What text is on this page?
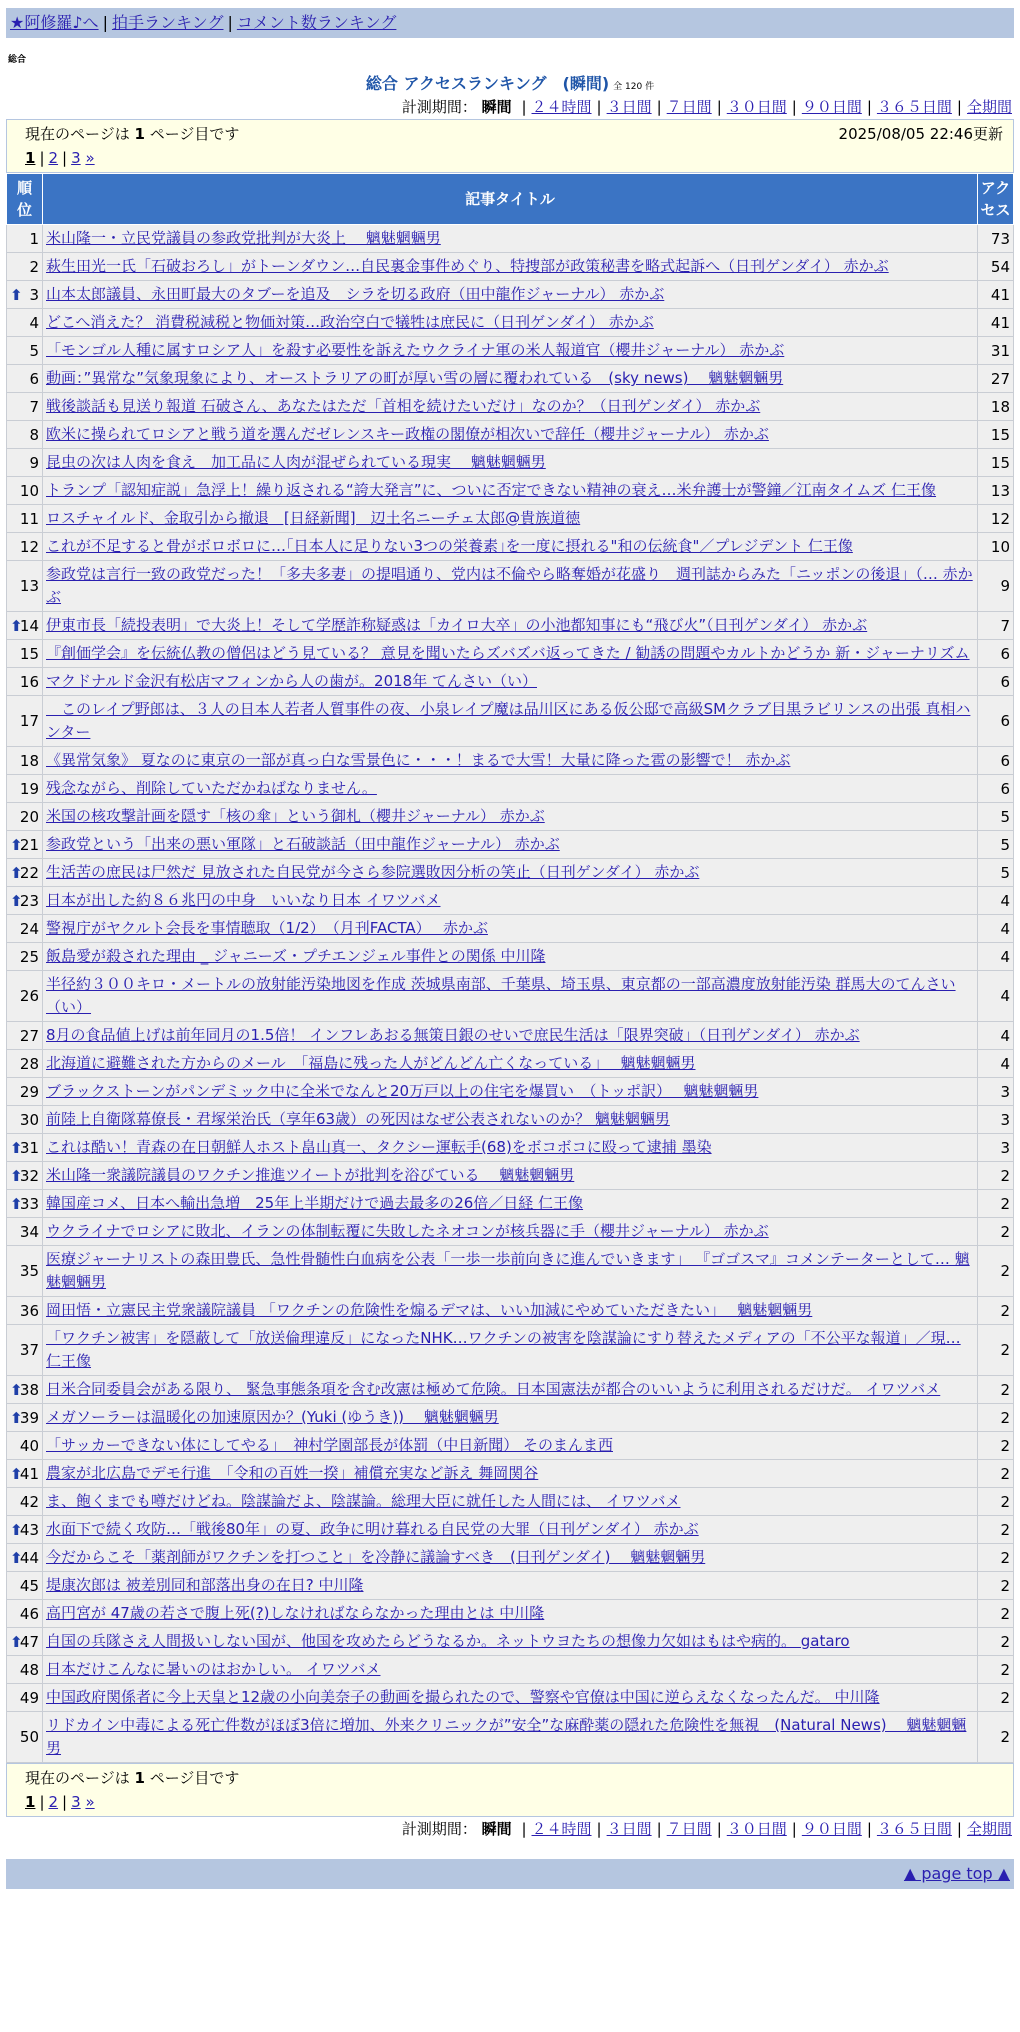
★阿修羅♪へ | 拍手ランキング | コメント数ランキング
総合
総合 アクセスランキング　(瞬間) 全 120 件
計測期間： 瞬間 | ２４時間 | ３日間 | ７日間 | ３０日間 | ９０日間 | ３６５日間 | 全期間
現在のページは 1 ページ目です	2025/08/05 22:46更新
1 | 2 | 3 »
順位	記事タイトル	アクセス
1	米山隆一・立民党議員の参政党批判が大炎上　 魑魅魍魎男	73
2	萩生田光一氏「石破おろし」がトーンダウン…自民裏金事件めぐり、特捜部が政策秘書を略式起訴へ（日刊ゲンダイ） 赤かぶ	54

⬆ 3	山本太郎議員、永田町最大のタブーを追及　シラを切る政府（田中龍作ジャーナル） 赤かぶ	41
4	どこへ消えた？ 消費税減税と物価対策…政治空白で犠牲は庶民に（日刊ゲンダイ） 赤かぶ	41
5	「モンゴル人種に属すロシア人」を殺す必要性を訴えたウクライナ軍の米人報道官（櫻井ジャーナル） 赤かぶ	31
6	動画：”異常な”気象現象により、オーストラリアの町が厚い雪の層に覆われている　(sky news)　 魑魅魍魎男	27
7	戦後談話も見送り報道 石破さん、あなたはただ「首相を続けたいだけ」なのか？（日刊ゲンダイ） 赤かぶ	18
8	欧米に操られてロシアと戦う道を選んだゼレンスキー政権の閣僚が相次いで辞任（櫻井ジャーナル） 赤かぶ	15
9	昆虫の次は人肉を食え　加工品に人肉が混ぜられている現実　 魑魅魍魎男	15
10	トランプ「認知症説」急浮上！繰り返される“誇大発言”に、ついに否定できない精神の衰え…米弁護士が警鐘／江南タイムズ 仁王像	13
11	ロスチャイルド、金取引から撤退　[日経新聞]　辺土名ニーチェ太郎@貴族道徳	12
12	これが不足すると骨がボロボロに…｢日本人に足りない3つの栄養素｣を一度に摂れる"和の伝統食"／プレジデント 仁王像	10
13	参政党は言行一致の政党だった！「多夫多妻」の提唱通り、党内は不倫やら略奪婚が花盛り　週刊誌からみた「ニッポンの後退」（… 赤かぶ	9

⬆
14	伊東市長「続投表明」で大炎上！そして学歴詐称疑惑は「カイロ大卒」の小池都知事にも“飛び火”（日刊ゲンダイ） 赤かぶ	7
15	『創価学会』を伝統仏教の僧侶はどう見ている？ 意見を聞いたらズバズバ返ってきた / 勧誘の問題やカルトかどうか 新・ジャーナリズム	6
16	マクドナルド金沢有松店マフィンから人の歯が。2018年 てんさい（い）	6
17	　このレイプ野郎は、３人の日本人若者人質事件の夜、小泉レイプ魔は品川区にある仮公邸で高級SMクラブ目黒ラビリンスの出張 真相ハンター	6
18	《異常気象》 夏なのに東京の一部が真っ白な雪景色に・・・！まるで大雪！大量に降った雹の影響で！ 赤かぶ	6
19	残念ながら、削除していただかねばなりません。	6
20	米国の核攻撃計画を隠す「核の傘」という御札（櫻井ジャーナル） 赤かぶ	5

⬆
21	参政党という「出来の悪い軍隊」と石破談話（田中龍作ジャーナル） 赤かぶ	5

⬆
22	生活苦の庶民は尸然だ 見放された自民党が今さら参院選敗因分析の笑止（日刊ゲンダイ） 赤かぶ	5

⬆
23	日本が出した約８６兆円の中身　いいなり日本 イワツバメ	4
24	警視庁がヤクルト会長を事情聴取（1/2）　（月刊FACTA）　 赤かぶ	4
25	飯島愛が殺された理由 _ ジャニーズ・プチエンジェル事件との関係 中川隆	4
26	半径約３００キロ・メートルの放射能汚染地図を作成 茨城県南部、千葉県、埼玉県、東京都の一部高濃度放射能汚染 群馬大のてんさい（い）	4
27	8月の食品値上げは前年同月の1.5倍！ インフレあおる無策日銀のせいで庶民生活は「限界突破」（日刊ゲンダイ） 赤かぶ	4
28	北海道に避難された方からのメール　「福島に残った人がどんどん亡くなっている」　 魑魅魍魎男	4
29	ブラックストーンがパンデミック中に全米でなんと20万戸以上の住宅を爆買い　（トッポ訳）　 魑魅魍魎男	3
30	前陸上自衛隊幕僚長・君塚栄治氏（享年63歳）の死因はなぜ公表されないのか？ 魑魅魍魎男	3

⬆
31	これは酷い！青森の在日朝鮮人ホスト畠山真一、タクシー運転手(68)をボコボコに殴って逮捕 墨染	3

⬆
32	米山隆一衆議院議員のワクチン推進ツイートが批判を浴びている　 魑魅魍魎男	2

⬆
33	韓国産コメ、日本へ輸出急増　25年上半期だけで過去最多の26倍／日経 仁王像	2
34	ウクライナでロシアに敗北、イランの体制転覆に失敗したネオコンが核兵器に手（櫻井ジャーナル） 赤かぶ	2
35	医療ジャーナリストの森田豊氏、急性骨髄性白血病を公表「一歩一歩前向きに進んでいきます」 『ゴゴスマ』コメンテーターとして… 魑魅魍魎男	2
36	岡田悟・立憲民主党衆議院議員 「ワクチンの危険性を煽るデマは、いい加減にやめていただきたい」　 魑魅魍魎男	2
37	「ワクチン被害」を隠蔽して「放送倫理違反」になったNHK…ワクチンの被害を陰謀論にすり替えたメディアの「不公平な報道」／現… 仁王像	2

⬆
38	日米合同委員会がある限り、 緊急事態条項を含む改憲は極めて危険。日本国憲法が都合のいいように利用されるだけだ。 イワツバメ	2

⬆
39	メガソーラーは温暖化の加速原因か？(Yuki (ゆうき))　 魑魅魍魎男	2
40	「サッカーできない体にしてやる」　神村学園部長が体罰（中日新聞） そのまんま西	2

⬆
41	農家が北広島でデモ行進　「令和の百姓一揆」補償充実など訴え 舞岡関谷	2
42	ま、飽くまでも噂だけどね。陰謀論だよ、陰謀論。総理大臣に就任した人間には、 イワツバメ	2

⬆
43	水面下で続く攻防…「戦後80年」の夏、政争に明け暮れる自民党の大罪（日刊ゲンダイ） 赤かぶ	2

⬆
44	今だからこそ「薬剤師がワクチンを打つこと」を冷静に議論すべき　(日刊ゲンダイ)　 魑魅魍魎男	2
45	堤康次郎は 被差別同和部落出身の在日? 中川隆	2
46	高円宮が 47歳の若さで腹上死(?)しなければならなかった理由とは 中川隆	2

⬆
47	自国の兵隊さえ人間扱いしない国が、他国を攻めたらどうなるか。ネットウヨたちの想像力欠如はもはや病的。 gataro	2
48	日本だけこんなに暑いのはおかしい。 イワツバメ	2
49	中国政府関係者に今上天皇と12歳の小向美奈子の動画を撮られたので、警察や官僚は中国に逆らえなくなったんだ。 中川隆	2
50	リドカイン中毒による死亡件数がほぼ3倍に増加、外来クリニックが”安全”な麻酔薬の隠れた危険性を無視　(Natural News)　 魑魅魍魎男	2
現在のページは 1 ページ目です
1 | 2 | 3 »
計測期間： 瞬間 | ２４時間 | ３日間 | ７日間 | ３０日間 | ９０日間 | ３６５日間 | 全期間
▲ page top ▲
